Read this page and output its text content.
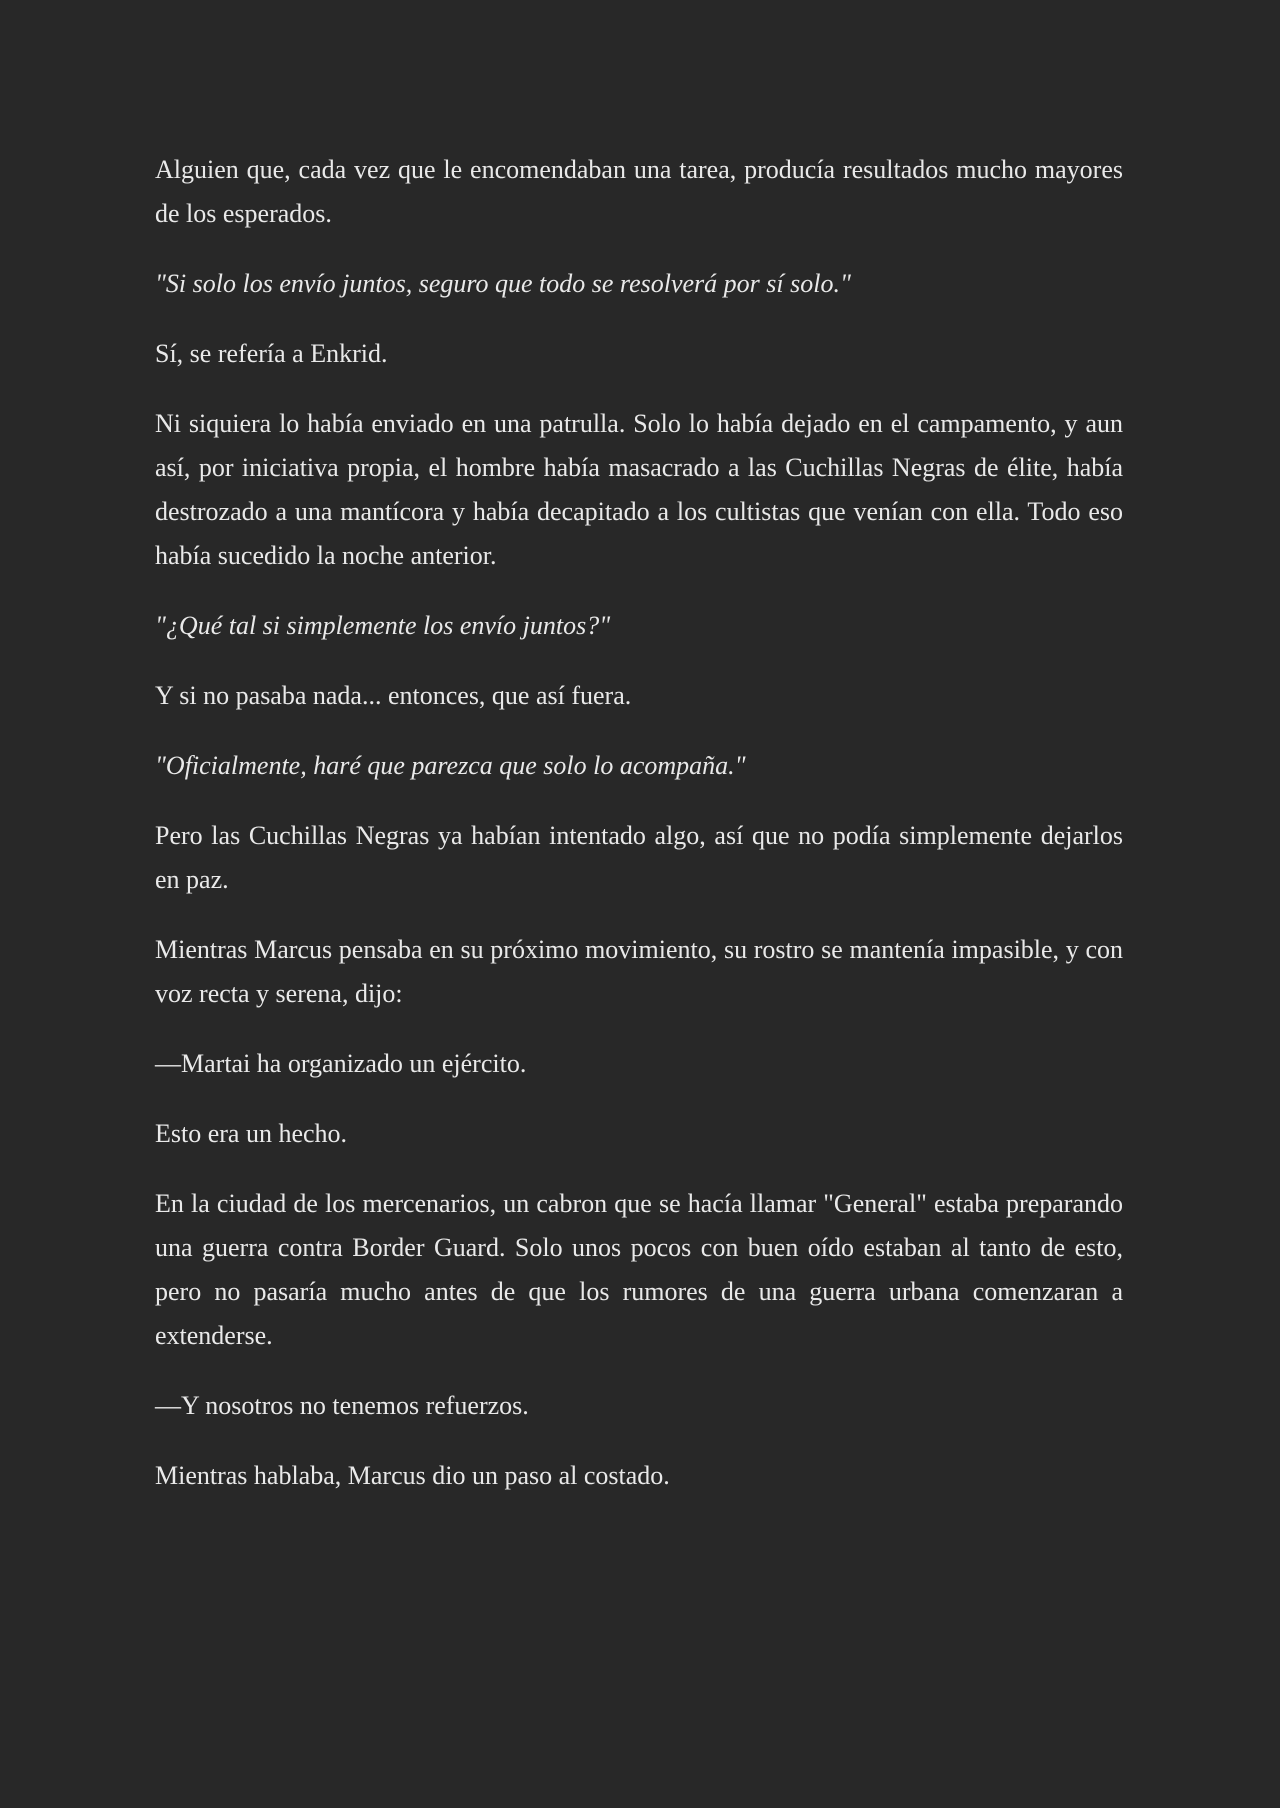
Alguien que, cada vez que le encomendaban una tarea, producía resultados mucho mayores de los esperados.

"Si solo los envío juntos, seguro que todo se resolverá por sí solo."

Sí, se refería a Enkrid.

Ni siquiera lo había enviado en una patrulla. Solo lo había dejado en el campamento, y aun así, por iniciativa propia, el hombre había masacrado a las Cuchillas Negras de élite, había destrozado a una mantícora y había decapitado a los cultistas que venían con ella. Todo eso había sucedido la noche anterior.

"¿Qué tal si simplemente los envío juntos?"

Y si no pasaba nada... entonces, que así fuera.

"Oficialmente, haré que parezca que solo lo acompaña."

Pero las Cuchillas Negras ya habían intentado algo, así que no podía simplemente dejarlos en paz.

Mientras Marcus pensaba en su próximo movimiento, su rostro se mantenía impasible, y con voz recta y serena, dijo:

—Martai ha organizado un ejército.

Esto era un hecho.

En la ciudad de los mercenarios, un cabron que se hacía llamar "General" estaba preparando una guerra contra Border Guard. Solo unos pocos con buen oído estaban al tanto de esto, pero no pasaría mucho antes de que los rumores de una guerra urbana comenzaran a extenderse.

—Y nosotros no tenemos refuerzos.

Mientras hablaba, Marcus dio un paso al costado.
